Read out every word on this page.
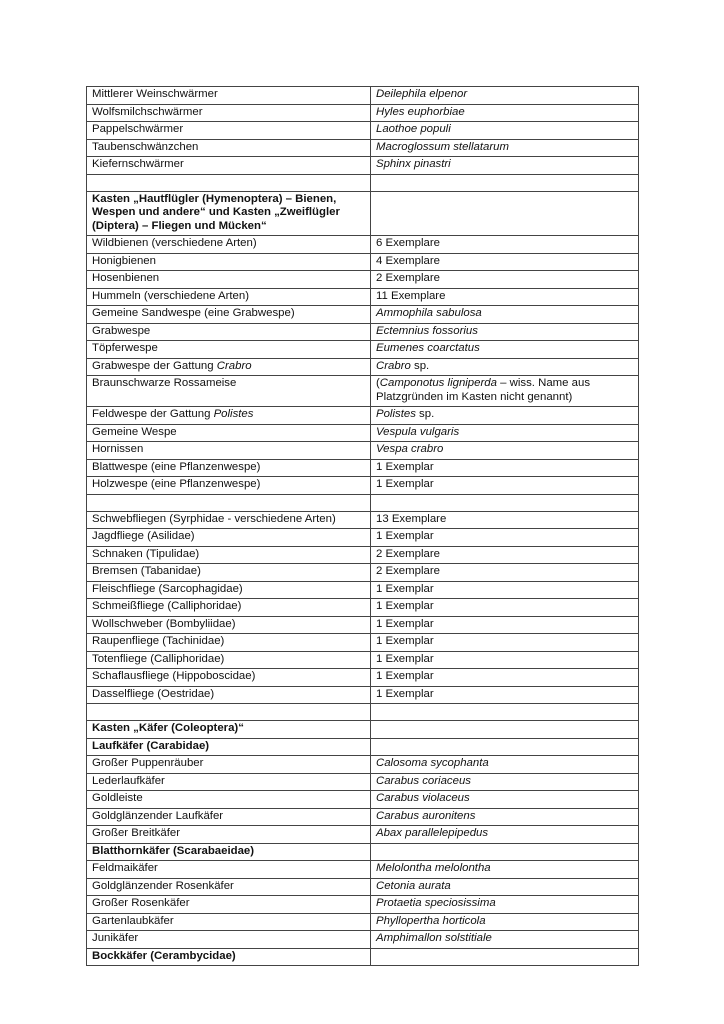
Mittlerer Weinschwärmer	Deilephila elpenor
Wolfsmilchschwärmer	Hyles euphorbiae
Pappelschwärmer	Laothoe populi
Taubenschwänzchen	Macroglossum stellatarum
Kiefernschwärmer	Sphinx pinastri

Kasten „Hautflügler (Hymenoptera) – Bienen, Wespen und andere“ und Kasten „Zweiflügler (Diptera) – Fliegen und Mücken“	
Wildbienen (verschiedene Arten)	6 Exemplare
Honigbienen	4 Exemplare
Hosenbienen	2 Exemplare
Hummeln (verschiedene Arten)	11 Exemplare
Gemeine Sandwespe (eine Grabwespe)	Ammophila sabulosa
Grabwespe	Ectemnius fossorius
Töpferwespe	Eumenes coarctatus
Grabwespe der Gattung Crabro	Crabro sp.
Braunschwarze Rossameise	(Camponotus ligniperda – wiss. Name aus Platzgründen im Kasten nicht genannt)
Feldwespe der Gattung Polistes	Polistes sp.
Gemeine Wespe	Vespula vulgaris
Hornissen	Vespa crabro
Blattwespe (eine Pflanzenwespe)	1 Exemplar
Holzwespe (eine Pflanzenwespe)	1 Exemplar

Schwebfliegen (Syrphidae - verschiedene Arten)	13 Exemplare
Jagdfliege (Asilidae)	1 Exemplar
Schnaken (Tipulidae)	2 Exemplare
Bremsen (Tabanidae)	2 Exemplare
Fleischfliege (Sarcophagidae)	1 Exemplar
Schmeißfliege (Calliphoridae)	1 Exemplar
Wollschweber (Bombyliidae)	1 Exemplar
Raupenfliege (Tachinidae)	1 Exemplar
Totenfliege (Calliphoridae)	1 Exemplar
Schaflausfliege (Hippoboscidae)	1 Exemplar
Dasselfliege (Oestridae)	1 Exemplar

Kasten „Käfer (Coleoptera)“	
Laufkäfer (Carabidae)	
Großer Puppenräuber	Calosoma sycophanta
Lederlaufkäfer	Carabus coriaceus
Goldleiste	Carabus violaceus
Goldglänzender Laufkäfer	Carabus auronitens
Großer Breitkäfer	Abax parallelepipedus
Blatthornkäfer (Scarabaeidae)	
Feldmaikäfer	Melolontha melolontha
Goldglänzender Rosenkäfer	Cetonia aurata
Großer Rosenkäfer	Protaetia speciosissima
Gartenlaubkäfer	Phyllopertha horticola
Junikäfer	Amphimallon solstitiale
Bockkäfer (Cerambycidae)	
